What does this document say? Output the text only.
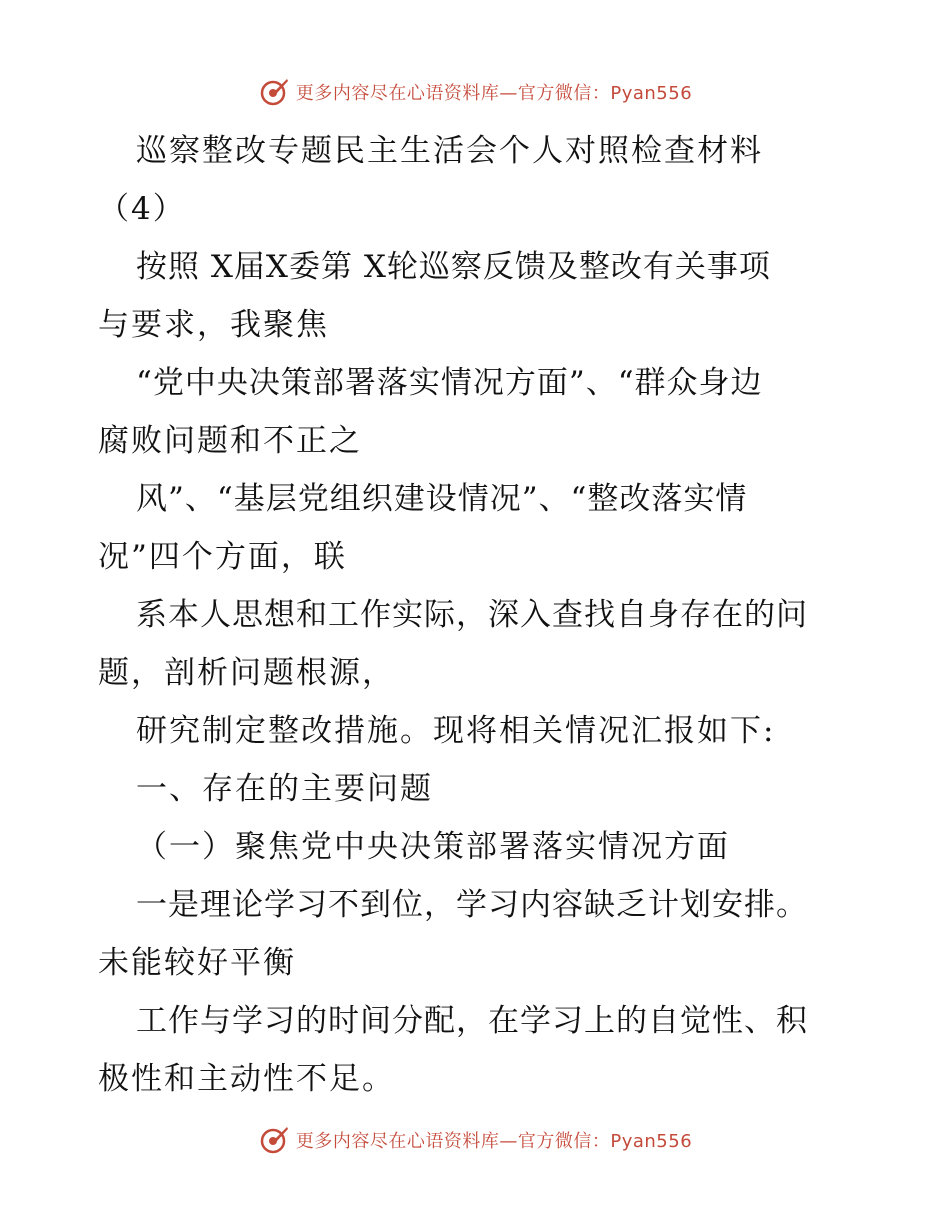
更多内容尽在心语资料库—官方微信：Pyan556

巡察整改专题民主生活会个人对照检查材料

（4）

按照 X届X委第 X轮巡察反馈及整改有关事项

与要求，我聚焦

“党中央决策部署落实情况方面”、“群众身边

腐败问题和不正之

风”、“基层党组织建设情况”、“整改落实情

况”四个方面，联

系本人思想和工作实际，深入查找自身存在的问

题，剖析问题根源，

研究制定整改措施。现将相关情况汇报如下:

一、存在的主要问题

（一）聚焦党中央决策部署落实情况方面

一是理论学习不到位，学习内容缺乏计划安排。

未能较好平衡

工作与学习的时间分配，在学习上的自觉性、积

极性和主动性不足。

更多内容尽在心语资料库—官方微信：Pyan556
